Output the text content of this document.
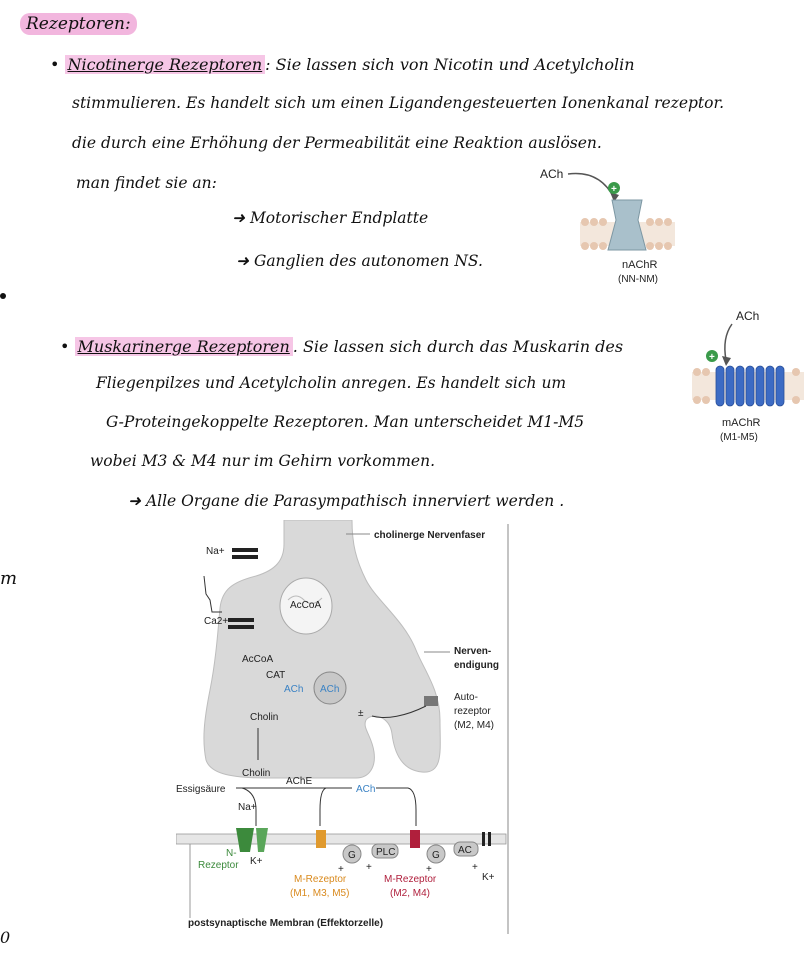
Rezeptoren:
• Nicotinerge Rezeptoren : Sie lassen sich von Nicotin und Acetylcholin
stimmulieren. Es handelt sich um einen Ligandengesteuerten Ionenkanal rezeptor.
die durch eine Erhöhung der Permeabilität eine Reaktion auslösen.
man findet sie an:
➜ Motorischer Endplatte
➜ Ganglien des autonomen NS.
ACh
+
nAChR
(NN-NM)
• Muskarinerge Rezeptoren . Sie lassen sich durch das Muskarin des
Fliegenpilzes und Acetylcholin anregen. Es handelt sich um
G-Proteingekoppelte Rezeptoren. Man unterscheidet M1-M5
wobei M3 & M4 nur im Gehirn vorkommen.
➜ Alle Organe die Parasympathisch innerviert werden .
ACh
+
mAChR
(M1-M5)
m
0
AcCoA
Na+
Ca2+
AcCoA
CAT
ACh ACh
±
Cholin
cholinerge Nervenfaser
Nerven-
endigung
Auto-
rezeptor
(M2, M4)
Cholin
AChE
Essigsäure	ACh
Na+
K+
N-
Rezeptor
G PLC
+ +
G AC
+	+
K+
M-Rezeptor
(M1, M3, M5)
M-Rezeptor
(M2, M4)
postsynaptische Membran (Effektorzelle)
